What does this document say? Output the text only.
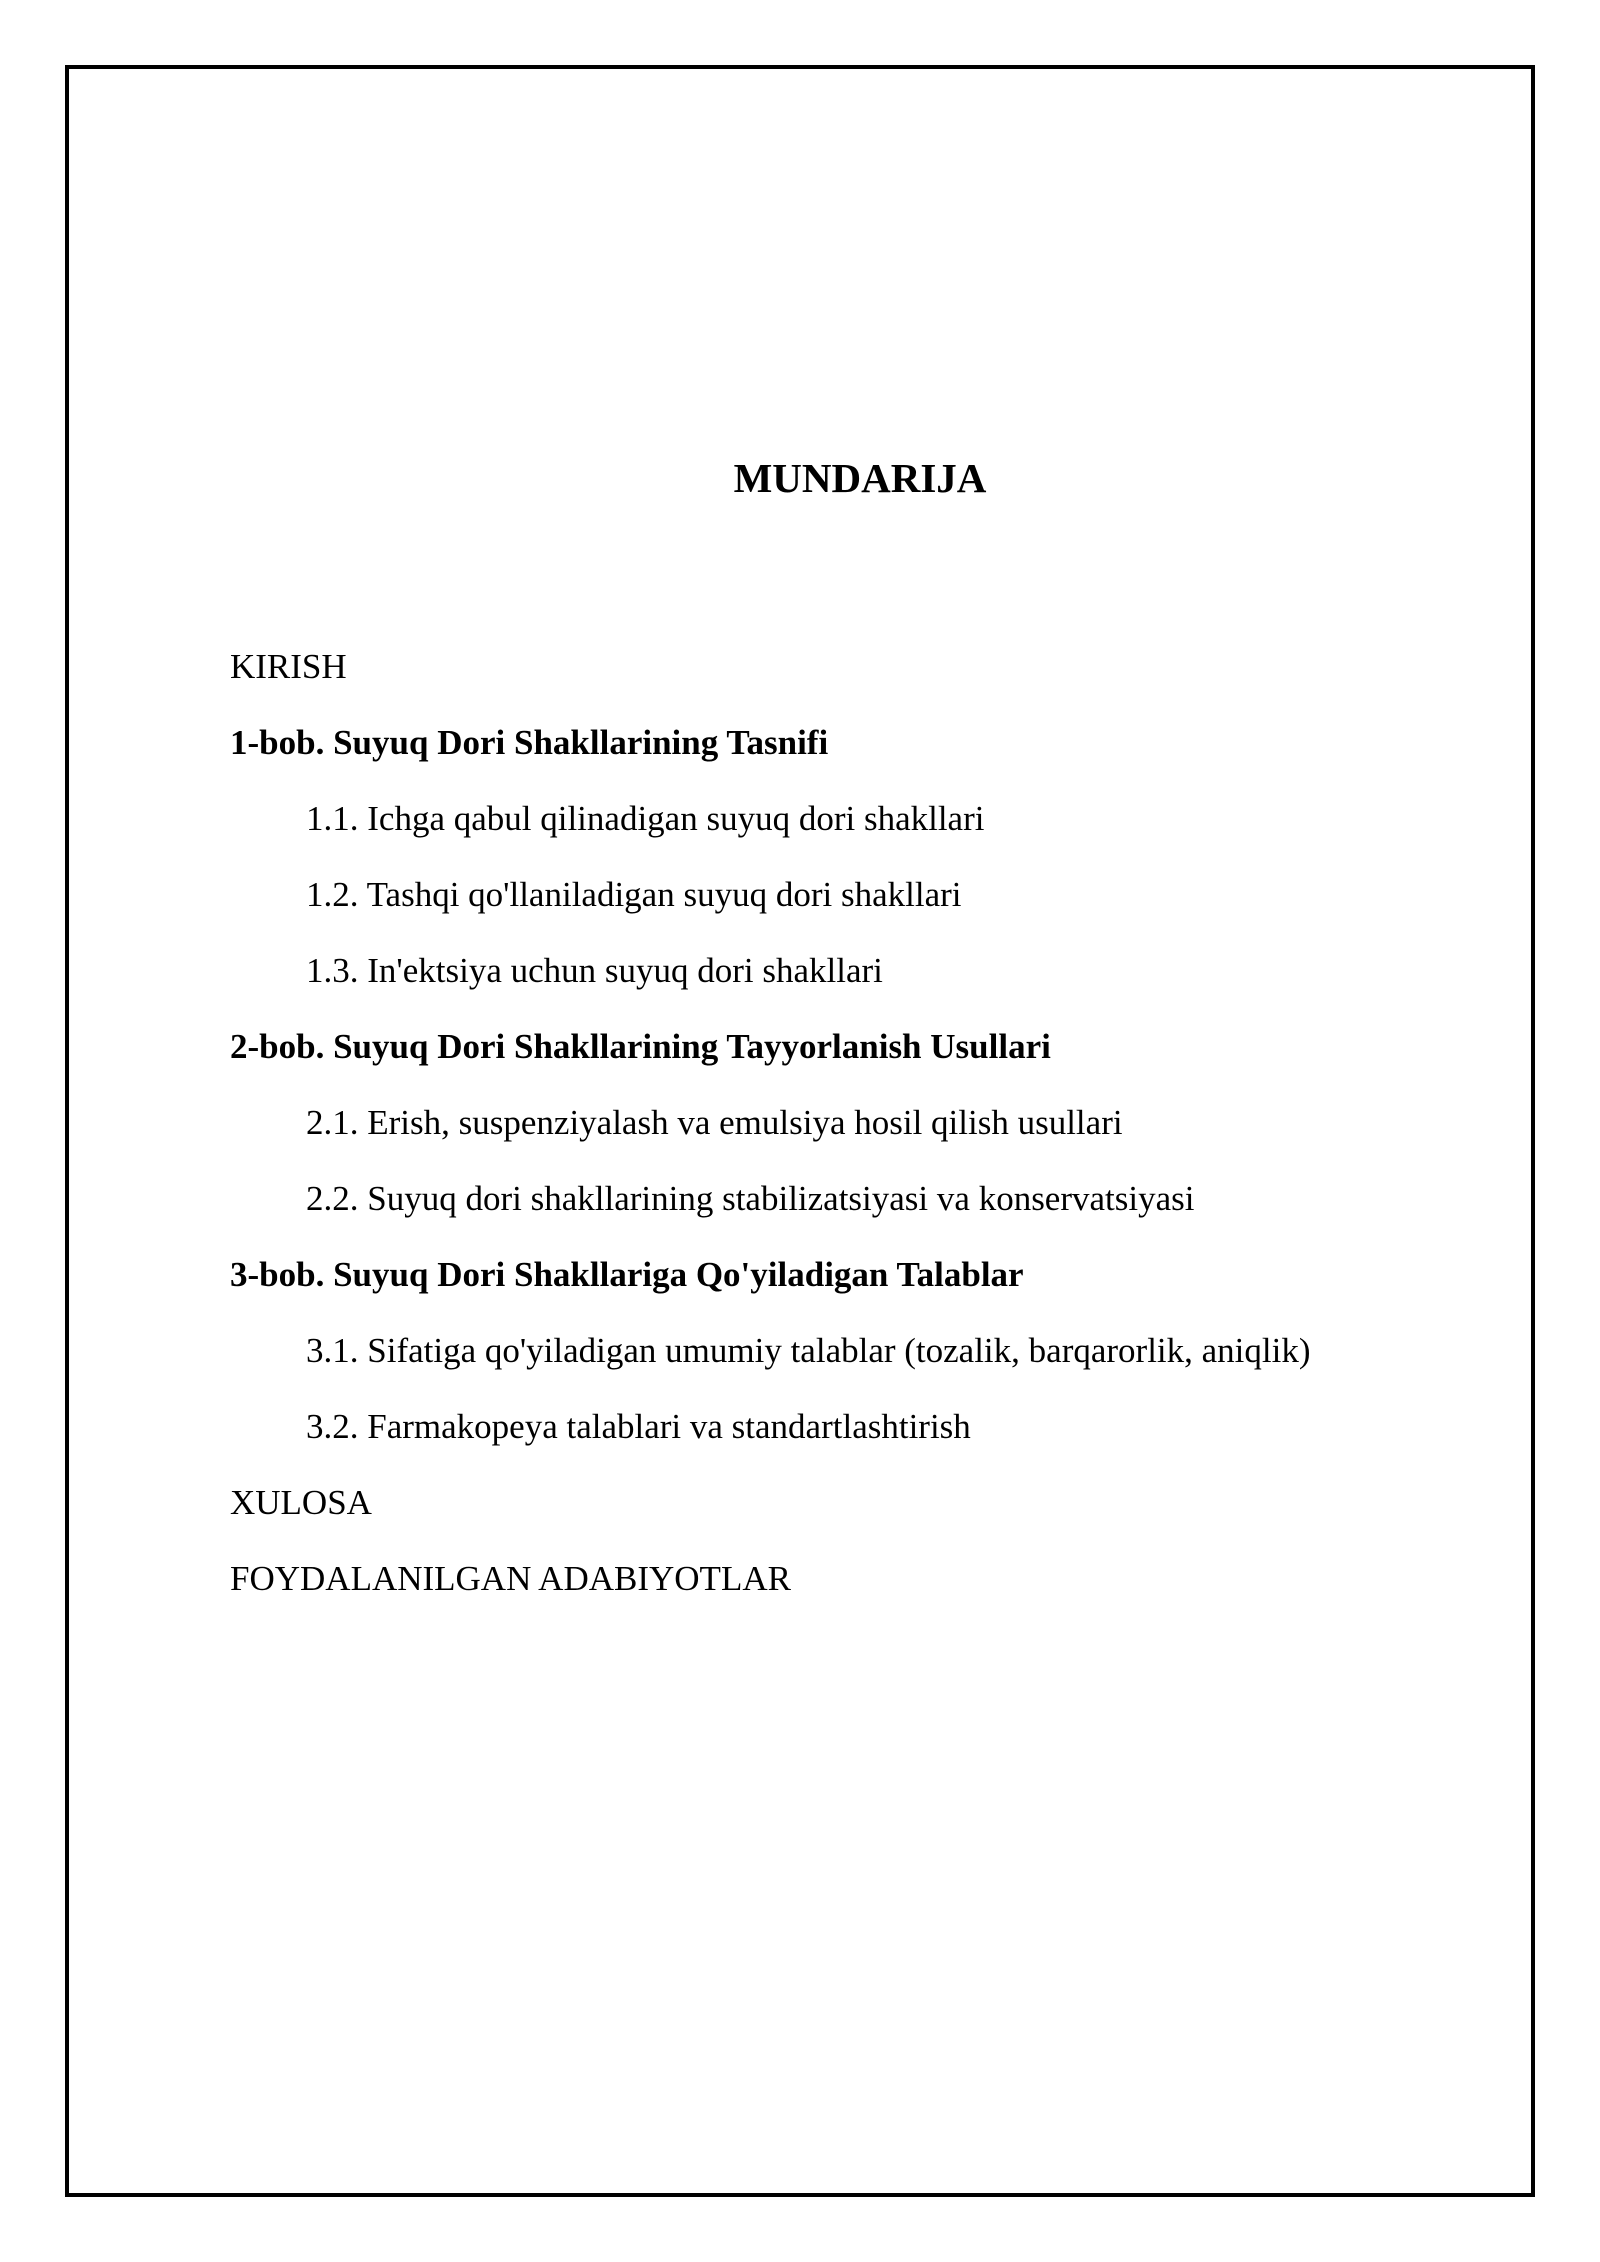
MUNDARIJA
KIRISH
1-bob. Suyuq Dori Shakllarining Tasnifi
1.1. Ichga qabul qilinadigan suyuq dori shakllari
1.2. Tashqi qo'llaniladigan suyuq dori shakllari
1.3. In'ektsiya uchun suyuq dori shakllari
2-bob. Suyuq Dori Shakllarining Tayyorlanish Usullari
2.1. Erish, suspenziyalash va emulsiya hosil qilish usullari
2.2. Suyuq dori shakllarining stabilizatsiyasi va konservatsiyasi
3-bob. Suyuq Dori Shakllariga Qo'yiladigan Talablar
3.1. Sifatiga qo'yiladigan umumiy talablar (tozalik, barqarorlik, aniqlik)
3.2. Farmakopeya talablari va standartlashtirish
XULOSA
FOYDALANILGAN ADABIYOTLAR
